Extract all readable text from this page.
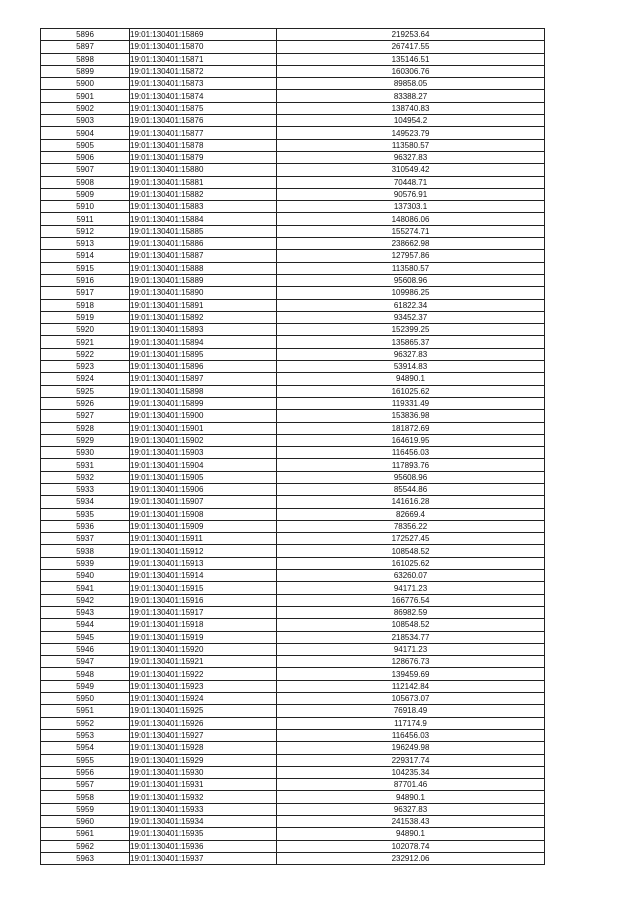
5896	19:01:130401:15869	219253.64
5897	19:01:130401:15870	267417.55
5898	19:01:130401:15871	135146.51
5899	19:01:130401:15872	160306.76
5900	19:01:130401:15873	89858.05
5901	19:01:130401:15874	83388.27
5902	19:01:130401:15875	138740.83
5903	19:01:130401:15876	104954.2
5904	19:01:130401:15877	149523.79
5905	19:01:130401:15878	113580.57
5906	19:01:130401:15879	96327.83
5907	19:01:130401:15880	310549.42
5908	19:01:130401:15881	70448.71
5909	19:01:130401:15882	90576.91
5910	19:01:130401:15883	137303.1
5911	19:01:130401:15884	148086.06
5912	19:01:130401:15885	155274.71
5913	19:01:130401:15886	238662.98
5914	19:01:130401:15887	127957.86
5915	19:01:130401:15888	113580.57
5916	19:01:130401:15889	95608.96
5917	19:01:130401:15890	109986.25
5918	19:01:130401:15891	61822.34
5919	19:01:130401:15892	93452.37
5920	19:01:130401:15893	152399.25
5921	19:01:130401:15894	135865.37
5922	19:01:130401:15895	96327.83
5923	19:01:130401:15896	53914.83
5924	19:01:130401:15897	94890.1
5925	19:01:130401:15898	161025.62
5926	19:01:130401:15899	119331.49
5927	19:01:130401:15900	153836.98
5928	19:01:130401:15901	181872.69
5929	19:01:130401:15902	164619.95
5930	19:01:130401:15903	116456.03
5931	19:01:130401:15904	117893.76
5932	19:01:130401:15905	95608.96
5933	19:01:130401:15906	85544.86
5934	19:01:130401:15907	141616.28
5935	19:01:130401:15908	82669.4
5936	19:01:130401:15909	78356.22
5937	19:01:130401:15911	172527.45
5938	19:01:130401:15912	108548.52
5939	19:01:130401:15913	161025.62
5940	19:01:130401:15914	63260.07
5941	19:01:130401:15915	94171.23
5942	19:01:130401:15916	166776.54
5943	19:01:130401:15917	86982.59
5944	19:01:130401:15918	108548.52
5945	19:01:130401:15919	218534.77
5946	19:01:130401:15920	94171.23
5947	19:01:130401:15921	128676.73
5948	19:01:130401:15922	139459.69
5949	19:01:130401:15923	112142.84
5950	19:01:130401:15924	105673.07
5951	19:01:130401:15925	76918.49
5952	19:01:130401:15926	117174.9
5953	19:01:130401:15927	116456.03
5954	19:01:130401:15928	196249.98
5955	19:01:130401:15929	229317.74
5956	19:01:130401:15930	104235.34
5957	19:01:130401:15931	87701.46
5958	19:01:130401:15932	94890.1
5959	19:01:130401:15933	96327.83
5960	19:01:130401:15934	241538.43
5961	19:01:130401:15935	94890.1
5962	19:01:130401:15936	102078.74
5963	19:01:130401:15937	232912.06
